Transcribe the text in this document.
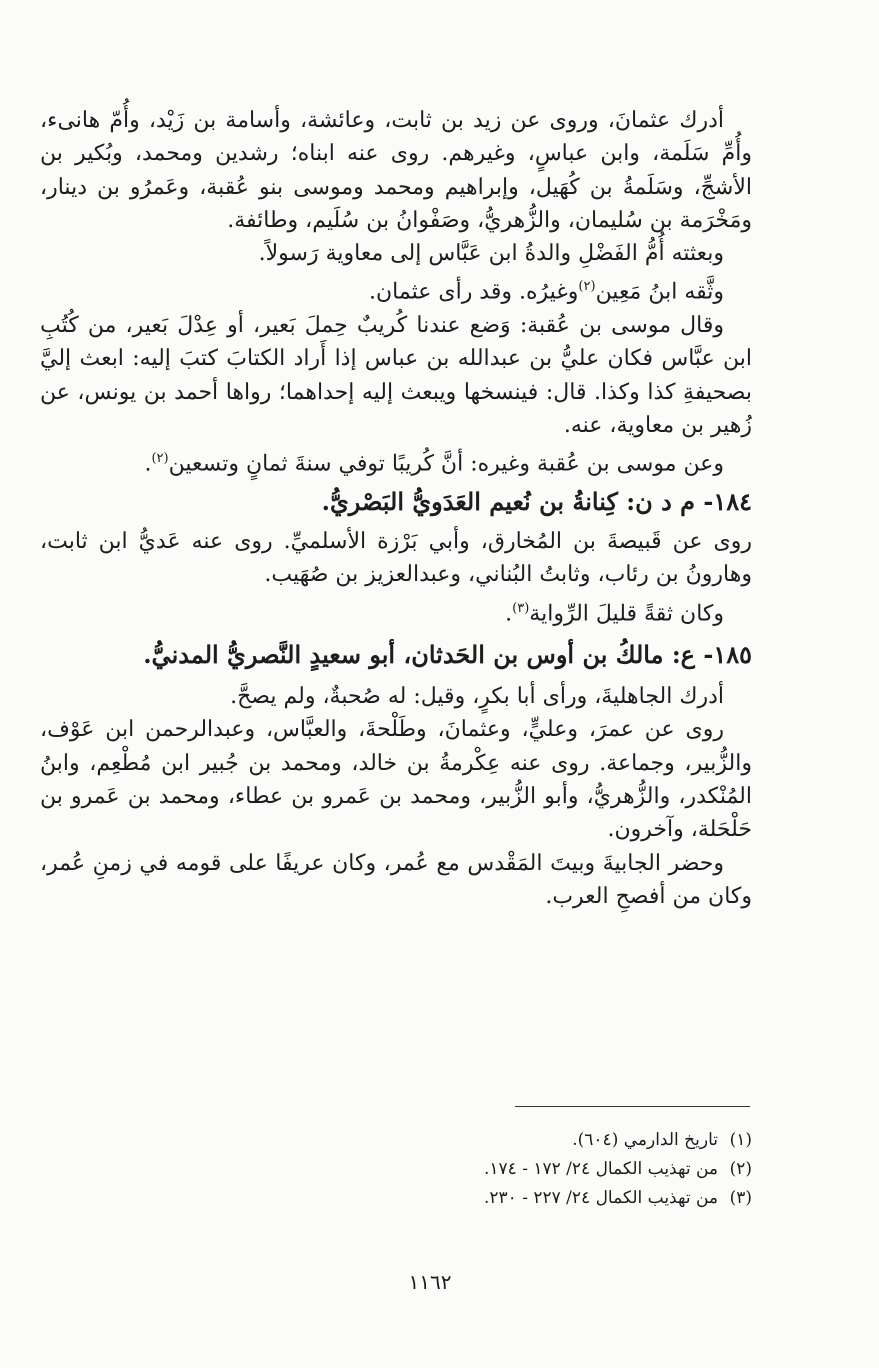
أدرك عثمانَ، وروى عن زيد بن ثابت، وعائشة، وأسامة بن زَيْد، وأُمّ هانىء، وأُمِّ سَلَمة، وابن عباسٍ، وغيرهم. روى عنه ابناه؛ رشدين ومحمد، وبُكير بن الأشجِّ، وسَلَمةُ بن كُهَيل، وإبراهيم ومحمد وموسى بنو عُقبة، وعَمرُو بن دينار، ومَخْرَمة بن سُليمان، والزُّهريُّ، وصَفْوانُ بن سُلَيم، وطائفة.

وبعثته أُمُّ الفَضْلِ والدةُ ابن عَبَّاس إلى معاوية رَسولاً.

وثَّقه ابنُ مَعِين$^{(٢)}$وغيرُه. وقد رأى عثمان.

وقال موسى بن عُقبة: وَضع عندنا كُريبٌ حِملَ بَعير، أو عِدْلَ بَعير، من كُتُبِ ابن عبَّاس فكان عليُّ بن عبدالله بن عباس إذا أَراد الكتابَ كتبَ إليه: ابعث إليَّ بصحيفةِ كذا وكذا. قال: فينسخها ويبعث إليه إحداهما؛ رواها أحمد بن يونس، عن زُهير بن معاوية، عنه.

وعن موسى بن عُقبة وغيره: أنَّ كُريبًا توفي سنةَ ثمانٍ وتسعين$^{(٢)}$.

١٨٤- م د ن: كِنانةُ بن نُعيم العَدَويُّ البَصْريُّ.

روى عن قَبيصةَ بن المُخارق، وأبي بَرْزة الأسلميِّ. روى عنه عَديُّ ابن ثابت، وهارونُ بن رئاب، وثابتُ البُناني، وعبدالعزيز بن صُهَيب.

وكان ثقةً قليلَ الرِّواية$^{(٣)}$.

١٨٥- ع: مالكُ بن أوس بن الحَدثان، أبو سعيدٍ النَّصريُّ المدنيُّ.

أدرك الجاهليةَ، ورأى أبا بكرٍ، وقيل: له صُحبةٌ، ولم يصحَّ.

روى عن عمرَ، وعليٍّ، وعثمانَ، وطَلْحةَ، والعبَّاس، وعبدالرحمن ابن عَوْف، والزُّبير، وجماعة. روى عنه عِكْرمةُ بن خالد، ومحمد بن جُبير ابن مُطْعِم، وابنُ المُنْكدر، والزُّهريُّ، وأبو الزُّبير، ومحمد بن عَمرو بن عطاء، ومحمد بن عَمرو بن حَلْحَلة، وآخرون.

وحضر الجابيةَ وبيتَ المَقْدس مع عُمر، وكان عريفًا على قومه في زمنِ عُمر، وكان من أفصحِ العرب.

(١)تاريخ الدارمي (٦٠٤).
(٢)من تهذيب الكمال ٢٤/ ١٧٢ - ١٧٤.
(٣)من تهذيب الكمال ٢٤/ ٢٢٧ - ٢٣٠.
١١٦٢
